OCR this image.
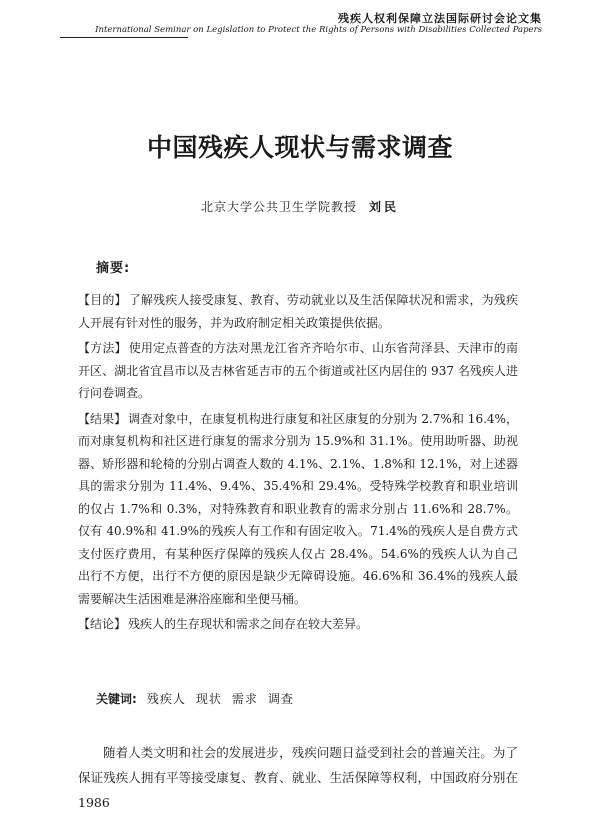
残疾人权利保障立法国际研讨会论文集
International Seminar on Legislation to Protect the Rights of Persons with Disabilities Collected Papers
中国残疾人现状与需求调查
北京大学公共卫生学院教授 刘民
摘要:

【目的】 了解残疾人接受康复、教育、劳动就业以及生活保障状况和需求，为残疾人开展有针对性的服务，并为政府制定相关政策提供依据。

【方法】 使用定点普查的方法对黑龙江省齐齐哈尔市、山东省菏泽县、天津市的南开区、湖北省宜昌市以及吉林省延吉市的五个街道或社区内居住的 937 名残疾人进行问卷调查。

【结果】 调查对象中，在康复机构进行康复和社区康复的分别为 2.7%和 16.4%，而对康复机构和社区进行康复的需求分别为 15.9%和 31.1%。使用助听器、助视器、矫形器和轮椅的分别占调查人数的 4.1%、2.1%、1.8%和 12.1%，对上述器具的需求分别为 11.4%、9.4%、35.4%和 29.4%。受特殊学校教育和职业培训的仅占 1.7%和 0.3%，对特殊教育和职业教育的需求分别占 11.6%和 28.7%。仅有 40.9%和 41.9%的残疾人有工作和有固定收入。71.4%的残疾人是自费方式支付医疗费用，有某种医疗保障的残疾人仅占 28.4%。54.6%的残疾人认为自己出行不方便，出行不方便的原因是缺少无障碍设施。46.6%和 36.4%的残疾人最需要解决生活困难是淋浴座廊和坐便马桶。

【结论】 残疾人的生存现状和需求之间存在较大差异。

关键词: 残疾人 现状 需求 调查
随着人类文明和社会的发展进步，残疾问题日益受到社会的普遍关注。为了保证残疾人拥有平等接受康复、教育、就业、生活保障等权利，中国政府分别在 1986
